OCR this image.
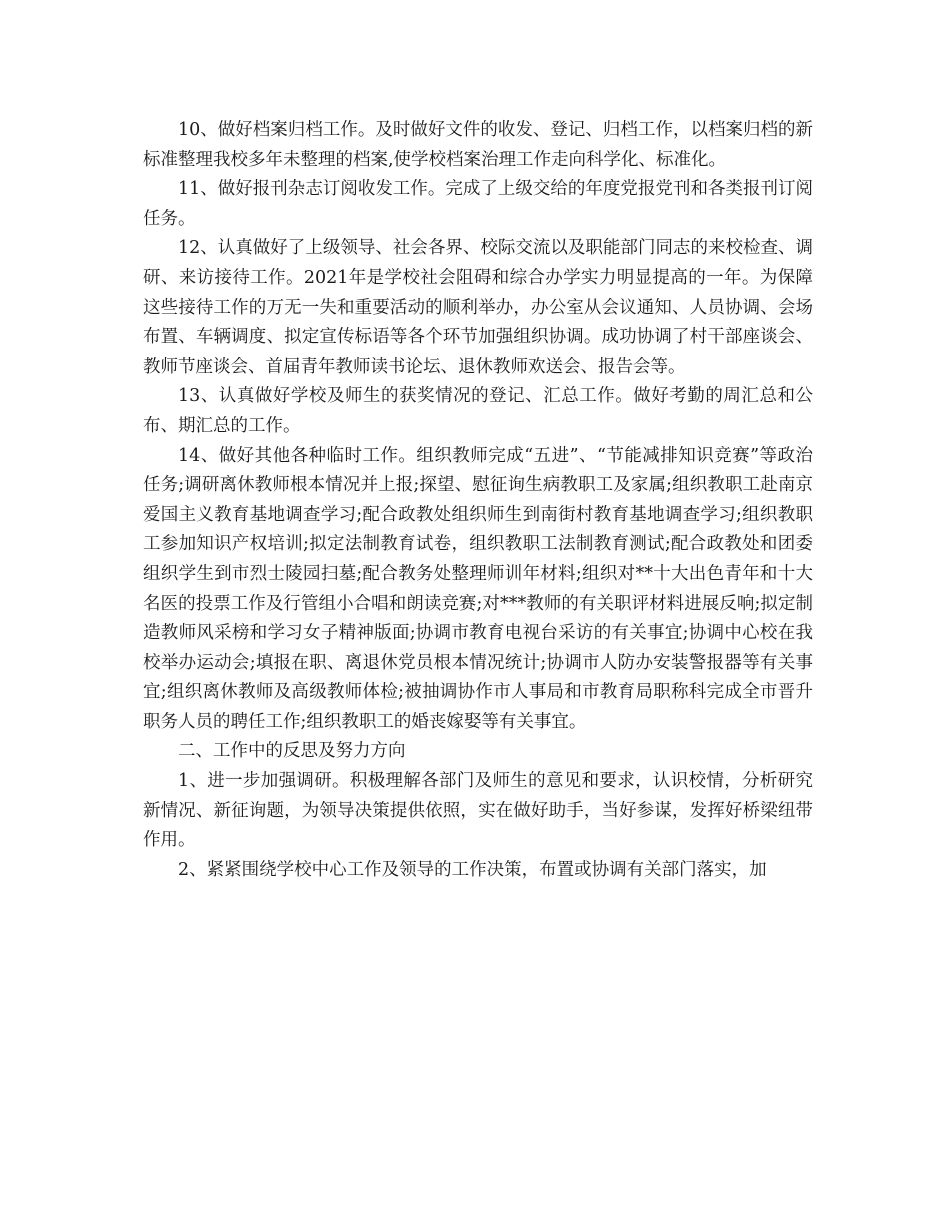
10、做好档案归档工作。及时做好文件的收发、登记、归档工作，以档案归档的新标准整理我校多年未整理的档案,使学校档案治理工作走向科学化、标准化。

11、做好报刊杂志订阅收发工作。完成了上级交给的年度党报党刊和各类报刊订阅任务。

12、认真做好了上级领导、社会各界、校际交流以及职能部门同志的来校检查、调研、来访接待工作。2021年是学校社会阻碍和综合办学实力明显提高的一年。为保障这些接待工作的万无一失和重要活动的顺利举办，办公室从会议通知、人员协调、会场布置、车辆调度、拟定宣传标语等各个环节加强组织协调。成功协调了村干部座谈会、教师节座谈会、首届青年教师读书论坛、退休教师欢送会、报告会等。

13、认真做好学校及师生的获奖情况的登记、汇总工作。做好考勤的周汇总和公布、期汇总的工作。

14、做好其他各种临时工作。组织教师完成“五进”、“节能减排知识竞赛”等政治任务;调研离休教师根本情况并上报;探望、慰征询生病教职工及家属;组织教职工赴南京爱国主义教育基地调查学习;配合政教处组织师生到南街村教育基地调查学习;组织教职工参加知识产权培训;拟定法制教育试卷，组织教职工法制教育测试;配合政教处和团委组织学生到市烈士陵园扫墓;配合教务处整理师训年材料;组织对**十大出色青年和十大名医的投票工作及行管组小合唱和朗读竞赛;对***教师的有关职评材料进展反响;拟定制造教师风采榜和学习女子精神版面;协调市教育电视台采访的有关事宜;协调中心校在我校举办运动会;填报在职、离退休党员根本情况统计;协调市人防办安装警报器等有关事宜;组织离休教师及高级教师体检;被抽调协作市人事局和市教育局职称科完成全市晋升职务人员的聘任工作;组织教职工的婚丧嫁娶等有关事宜。

二、工作中的反思及努力方向

1、进一步加强调研。积极理解各部门及师生的意见和要求，认识校情，分析研究新情况、新征询题，为领导决策提供依照，实在做好助手，当好参谋，发挥好桥梁纽带作用。

2、紧紧围绕学校中心工作及领导的工作决策，布置或协调有关部门落实，加
